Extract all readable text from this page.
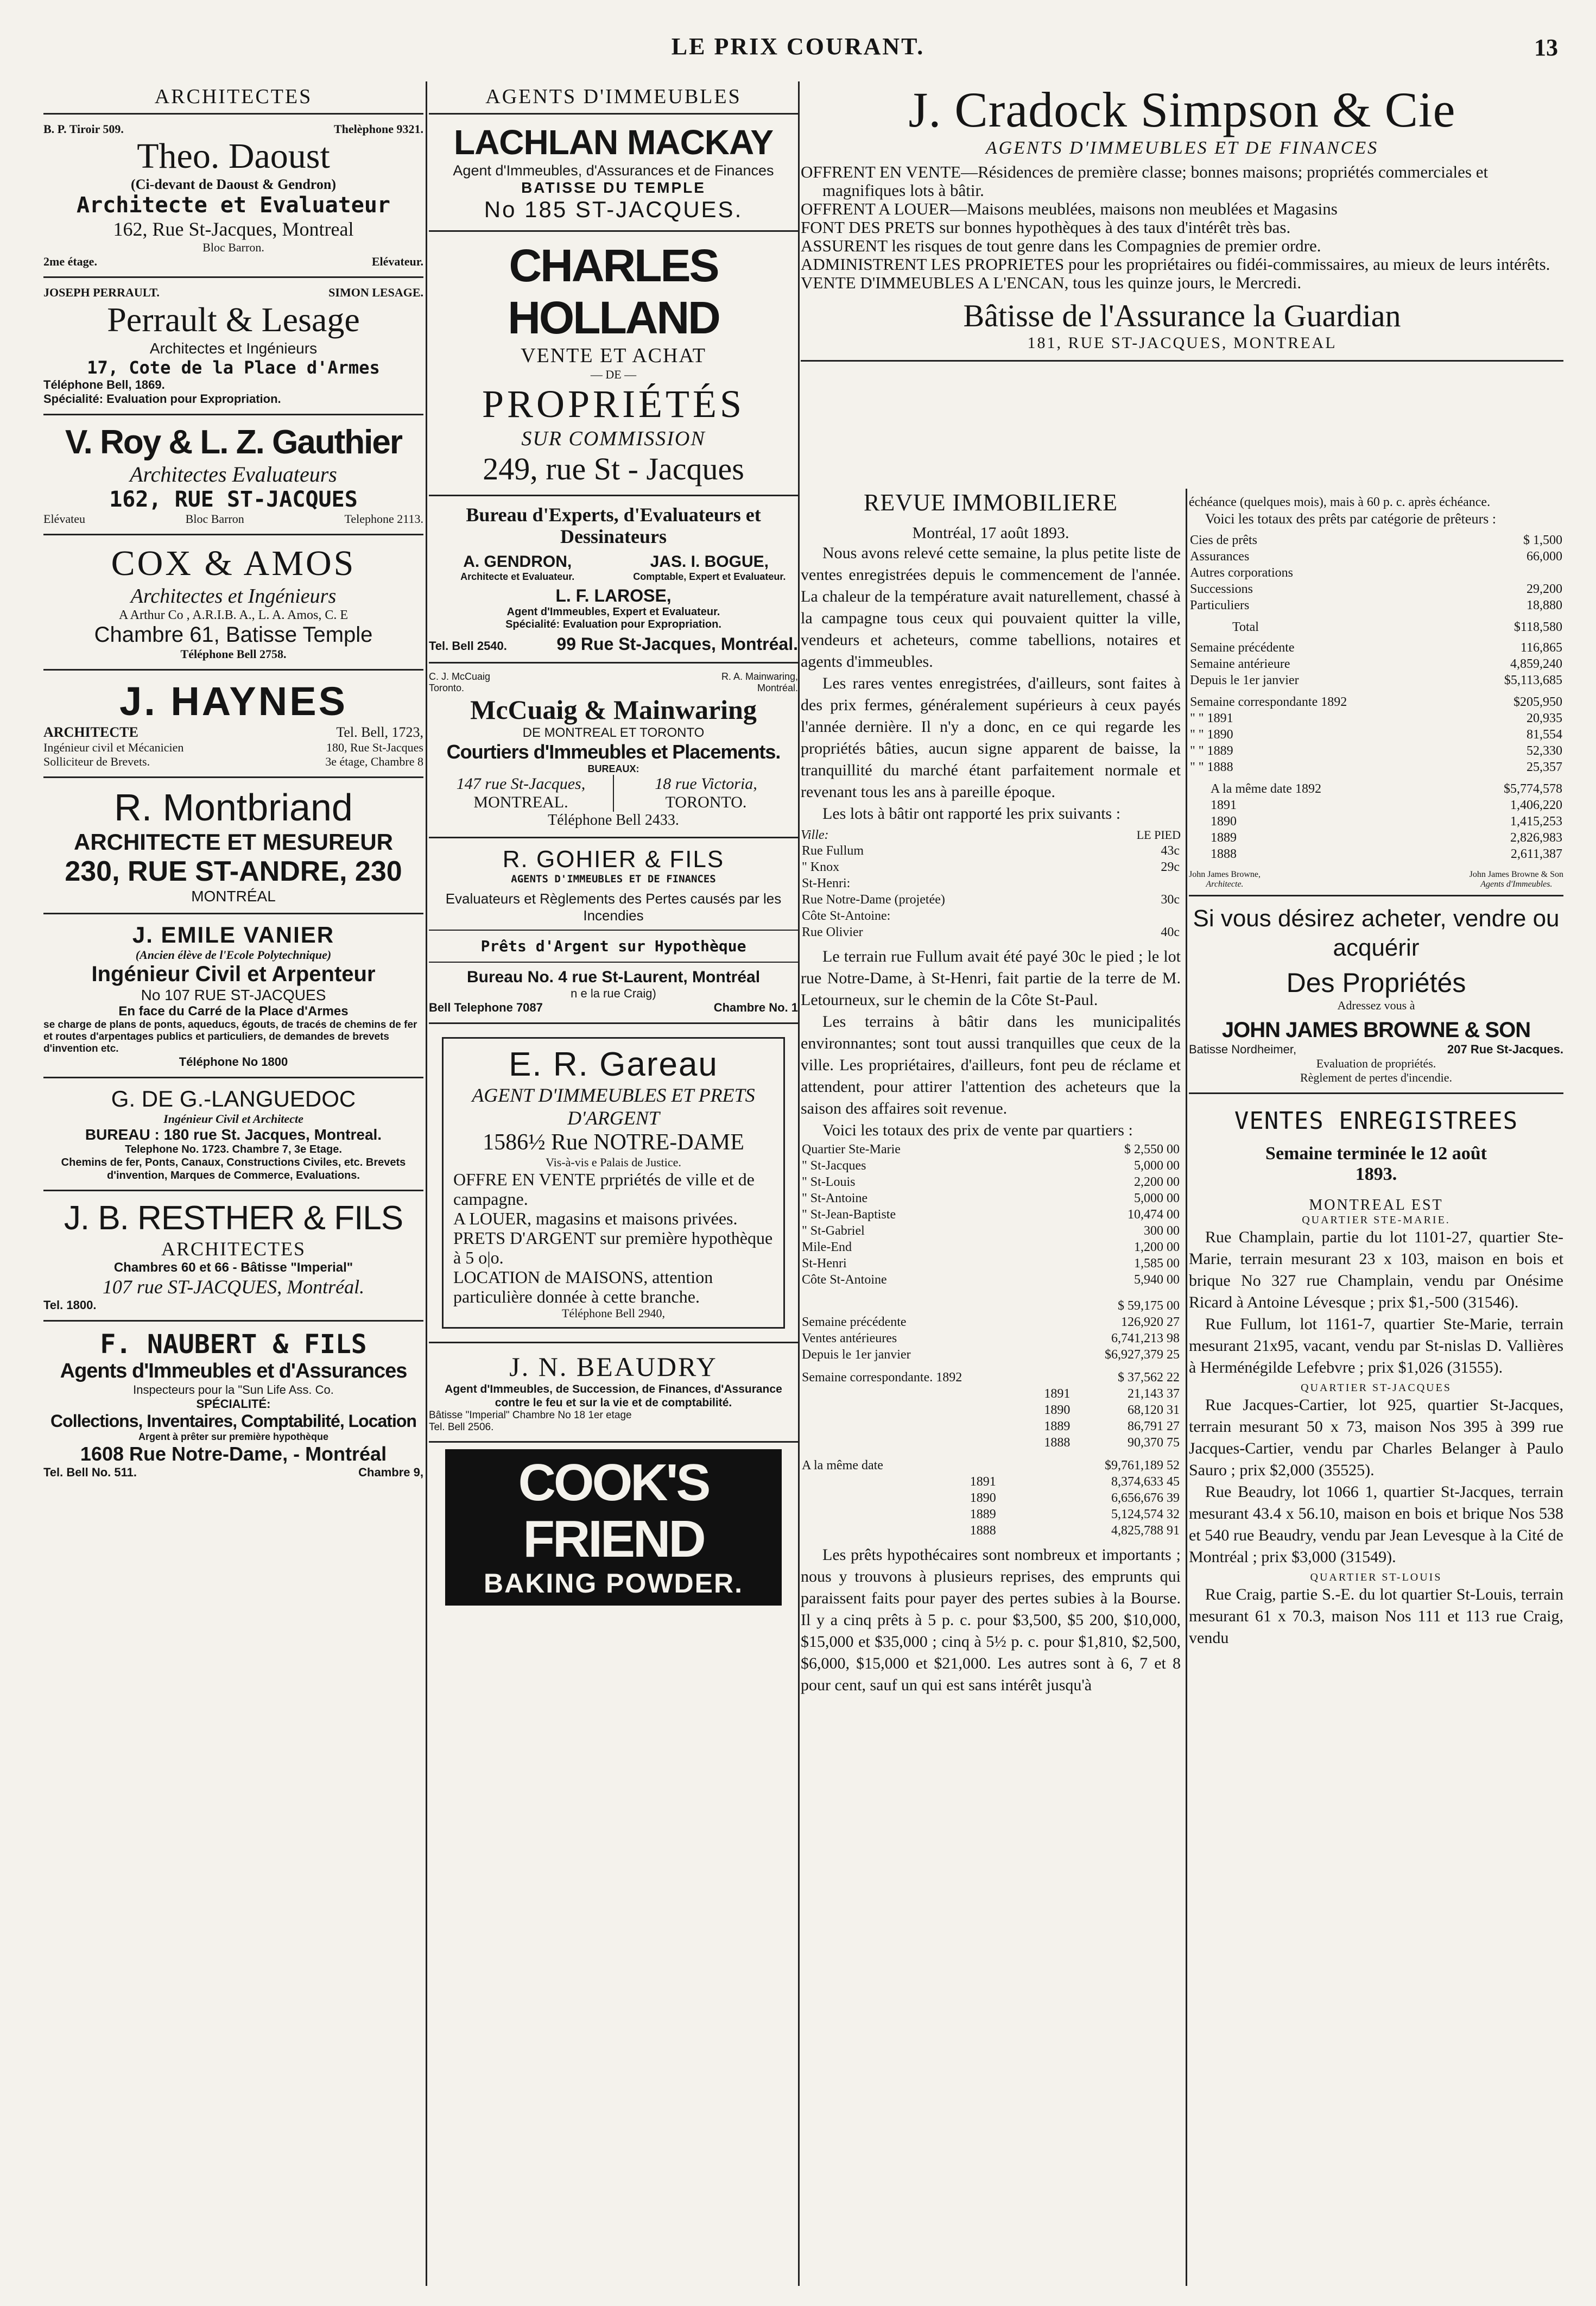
LE PRIX COURANT.	13
ARCHITECTES
B. P. Tiroir 509.	Thelèphone 9321.
Theo. Daoust
(Ci-devant de Daoust & Gendron)
Architecte et Evaluateur
162, Rue St-Jacques, Montreal
Bloc Barron.
2me étage.	Elévateur.
JOSEPH PERRAULT.	SIMON LESAGE.
Perrault & Lesage
Architectes et Ingénieurs
17, Cote de la Place d'Armes
Téléphone Bell, 1869.
Spécialité: Evaluation pour Expropriation.
V. Roy & L. Z. Gauthier
Architectes Evaluateurs
162, RUE ST-JACQUES
Elévateu	Bloc Barron	Telephone 2113.
COX & AMOS
Architectes et Ingénieurs
A Arthur Co , A.R.I.B. A., L. A. Amos, C. E
Chambre 61, Batisse Temple
Téléphone Bell 2758.
J. HAYNES
ARCHITECTE	Tel. Bell, 1723,
Ingénieur civil et Mécanicien	180, Rue St-Jacques
Solliciteur de Brevets.	3e étage, Chambre 8
R. Montbriand
ARCHITECTE ET MESUREUR
230, RUE ST-ANDRE, 230
MONTRÉAL
J. EMILE VANIER
(Ancien élève de l'Ecole Polytechnique)
Ingénieur Civil et Arpenteur
No 107 RUE ST-JACQUES
En face du Carré de la Place d'Armes
se charge de plans de ponts, aqueducs, égouts, de tracés de chemins de fer et routes d'arpentages publics et particuliers, de demandes de brevets d'invention etc.
Téléphone No 1800
G. DE G.-LANGUEDOC
Ingénieur Civil et Architecte
BUREAU : 180 rue St. Jacques, Montreal.
Telephone No. 1723. Chambre 7, 3e Etage.
Chemins de fer, Ponts, Canaux, Constructions Civiles, etc. Brevets d'invention, Marques de Commerce, Evaluations.
J. B. RESTHER & FILS
ARCHITECTES
Chambres 60 et 66 - Bâtisse "Imperial"
107 rue ST-JACQUES, Montréal.
Tel. 1800.
F. NAUBERT & FILS
Agents d'Immeubles et d'Assurances
Inspecteurs pour la "Sun Life Ass. Co.
SPÉCIALITÉ:
Collections, Inventaires, Comptabilité, Location
Argent à prêter sur première hypothèque
1608 Rue Notre-Dame, - Montréal
Tel. Bell No. 511.	Chambre 9,
AGENTS D'IMMEUBLES
LACHLAN MACKAY
Agent d'Immeubles, d'Assurances et de Finances
BATISSE DU TEMPLE
No 185 ST-JACQUES.
CHARLES HOLLAND
VENTE ET ACHAT
— DE —
PROPRIÉTÉS
SUR COMMISSION
249, rue St - Jacques
Bureau d'Experts, d'Evaluateurs et Dessinateurs
A. GENDRON,
Architecte et Evaluateur.
JAS. I. BOGUE,
Comptable, Expert et Evaluateur.
L. F. LAROSE,
Agent d'Immeubles, Expert et Evaluateur.
Spécialité: Evaluation pour Expropriation.
Tel. Bell 2540.	99 Rue St-Jacques, Montréal.
C. J. McCuaig	R. A. Mainwaring,
Toronto.	Montréal.
McCuaig & Mainwaring
DE MONTREAL ET TORONTO
Courtiers d'Immeubles et Placements.
BUREAUX:
147 rue St-Jacques,
MONTREAL.
18 rue Victoria,
TORONTO.
Téléphone Bell 2433.
R. GOHIER & FILS
AGENTS D'IMMEUBLES ET DE FINANCES
Evaluateurs et Règlements des Pertes causés par les Incendies
Prêts d'Argent sur Hypothèque
Bureau No. 4 rue St-Laurent, Montréal
n e la rue Craig)
Bell Telephone 7087	Chambre No. 1
E. R. Gareau
AGENT D'IMMEUBLES ET PRETS D'ARGENT
1586½ Rue NOTRE-DAME
Vis-à-vis e Palais de Justice.
OFFRE EN VENTE prpriétés de ville et de campagne.
A LOUER, magasins et maisons privées.
PRETS D'ARGENT sur première hypothèque à 5 o|o.
LOCATION de MAISONS, attention particulière donnée à cette branche.
Téléphone Bell 2940,
J. N. BEAUDRY
Agent d'Immeubles, de Succession, de Finances, d'Assurance contre le feu et sur la vie et de comptabilité.
Bâtisse "Imperial" Chambre No 18 1er etage
Tel. Bell 2506.
COOK'S FRIEND
BAKING POWDER.
J. Cradock Simpson & Cie
AGENTS D'IMMEUBLES ET DE FINANCES
OFFRENT EN VENTE—Résidences de première classe; bonnes maisons; propriétés commerciales et magnifiques lots à bâtir.
OFFRENT A LOUER—Maisons meublées, maisons non meublées et Magasins
FONT DES PRETS sur bonnes hypothèques à des taux d'intérêt très bas.
ASSURENT les risques de tout genre dans les Compagnies de premier ordre.
ADMINISTRENT LES PROPRIETES pour les propriétaires ou fidéi-commissaires, au mieux de leurs intérêts.
VENTE D'IMMEUBLES A L'ENCAN, tous les quinze jours, le Mercredi.
Bâtisse de l'Assurance la Guardian
181, RUE ST-JACQUES, MONTREAL
REVUE IMMOBILIERE
Montréal, 17 août 1893.

Nous avons relevé cette semaine, la plus petite liste de ventes enregistrées depuis le commencement de l'année. La chaleur de la température avait naturellement, chassé à la campagne tous ceux qui pouvaient quitter la ville, vendeurs et acheteurs, comme tabellions, notaires et agents d'immeubles.

Les rares ventes enregistrées, d'ailleurs, sont faites à des prix fermes, généralement supérieurs à ceux payés l'année dernière. Il n'y a donc, en ce qui regarde les propriétés bâties, aucun signe apparent de baisse, la tranquillité du marché étant parfaitement normale et revenant tous les ans à pareille époque.

Les lots à bâtir ont rapporté les prix suivants :

Ville:	LE PIED
Rue Fullum	43c
" Knox	29c
St-Henri:	
Rue Notre-Dame (projetée)	30c
Côte St-Antoine:	
Rue Olivier	40c

Le terrain rue Fullum avait été payé 30c le pied ; le lot rue Notre-Dame, à St-Henri, fait partie de la terre de M. Letourneux, sur le chemin de la Côte St-Paul.

Les terrains à bâtir dans les municipalités environnantes; sont tout aussi tranquilles que ceux de la ville. Les propriétaires, d'ailleurs, font peu de réclame et attendent, pour attirer l'attention des acheteurs que la saison des affaires soit revenue.

Voici les totaux des prix de vente par quartiers :

Quartier Ste-Marie	$ 2,550 00
" St-Jacques	5,000 00
" St-Louis	2,200 00
" St-Antoine	5,000 00
" St-Jean-Baptiste	10,474 00
" St-Gabriel	300 00
Mile-End	1,200 00
St-Henri	1,585 00
Côte St-Antoine	5,940 00
	$ 59,175 00
Semaine précédente	126,920 27
Ventes antérieures	6,741,213 98
Depuis le 1er janvier	$6,927,379 25
Semaine correspondante. 1892		$ 37,562 22
	1891	21,143 37
	1890	68,120 31
	1889	86,791 27
	1888	90,370 75
A la même date		$9,761,189 52
	1891	8,374,633 45
	1890	6,656,676 39
	1889	5,124,574 32
	1888	4,825,788 91

Les prêts hypothécaires sont nombreux et importants ; nous y trouvons à plusieurs reprises, des emprunts qui paraissent faits pour payer des pertes subies à la Bourse. Il y a cinq prêts à 5 p. c. pour $3,500, $5 200, $10,000, $15,000 et $35,000 ; cinq à 5½ p. c. pour $1,810, $2,500, $6,000, $15,000 et $21,000. Les autres sont à 6, 7 et 8 pour cent, sauf un qui est sans intérêt jusqu'à

échéance (quelques mois), mais à 60 p. c. après échéance.

Voici les totaux des prêts par catégorie de prêteurs :

Cies de prêts	$ 1,500
Assurances	66,000
Autres corporations	
Successions	29,200
Particuliers	18,880
Total	$118,580
Semaine précédente	116,865
Semaine antérieure	4,859,240
Depuis le 1er janvier	$5,113,685
Semaine correspondante 1892	$205,950
" " 1891	20,935
" " 1890	81,554
" " 1889	52,330
" " 1888	25,357
A la même date 1892	$5,774,578
1891	1,406,220
1890	1,415,253
1889	2,826,983
1888	2,611,387
John James Browne,
Architecte.
John James Browne & Son
Agents d'Immeubles.
Si vous désirez acheter, vendre ou acquérir
Des Propriétés
Adressez vous à
JOHN JAMES BROWNE & SON
Batisse Nordheimer,	207 Rue St-Jacques.
Evaluation de propriétés.
Règlement de pertes d'incendie.
VENTES ENREGISTREES
Semaine terminée le 12 août 1893.
MONTREAL EST
QUARTIER STE-MARIE.

Rue Champlain, partie du lot 1101-27, quartier Ste-Marie, terrain mesurant 23 x 103, maison en bois et brique No 327 rue Champlain, vendu par Onésime Ricard à Antoine Lévesque ; prix $1,-500 (31546).

Rue Fullum, lot 1161-7, quartier Ste-Marie, terrain mesurant 21x95, vacant, vendu par St-nislas D. Vallières à Herménégilde Lefebvre ; prix $1,026 (31555).

QUARTIER ST-JACQUES

Rue Jacques-Cartier, lot 925, quartier St-Jacques, terrain mesurant 50 x 73, maison Nos 395 à 399 rue Jacques-Cartier, vendu par Charles Belanger à Paulo Sauro ; prix $2,000 (35525).

Rue Beaudry, lot 1066 1, quartier St-Jacques, terrain mesurant 43.4 x 56.10, maison en bois et brique Nos 538 et 540 rue Beaudry, vendu par Jean Levesque à la Cité de Montréal ; prix $3,000 (31549).

QUARTIER ST-LOUIS

Rue Craig, partie S.-E. du lot quartier St-Louis, terrain mesurant 61 x 70.3, maison Nos 111 et 113 rue Craig, vendu
